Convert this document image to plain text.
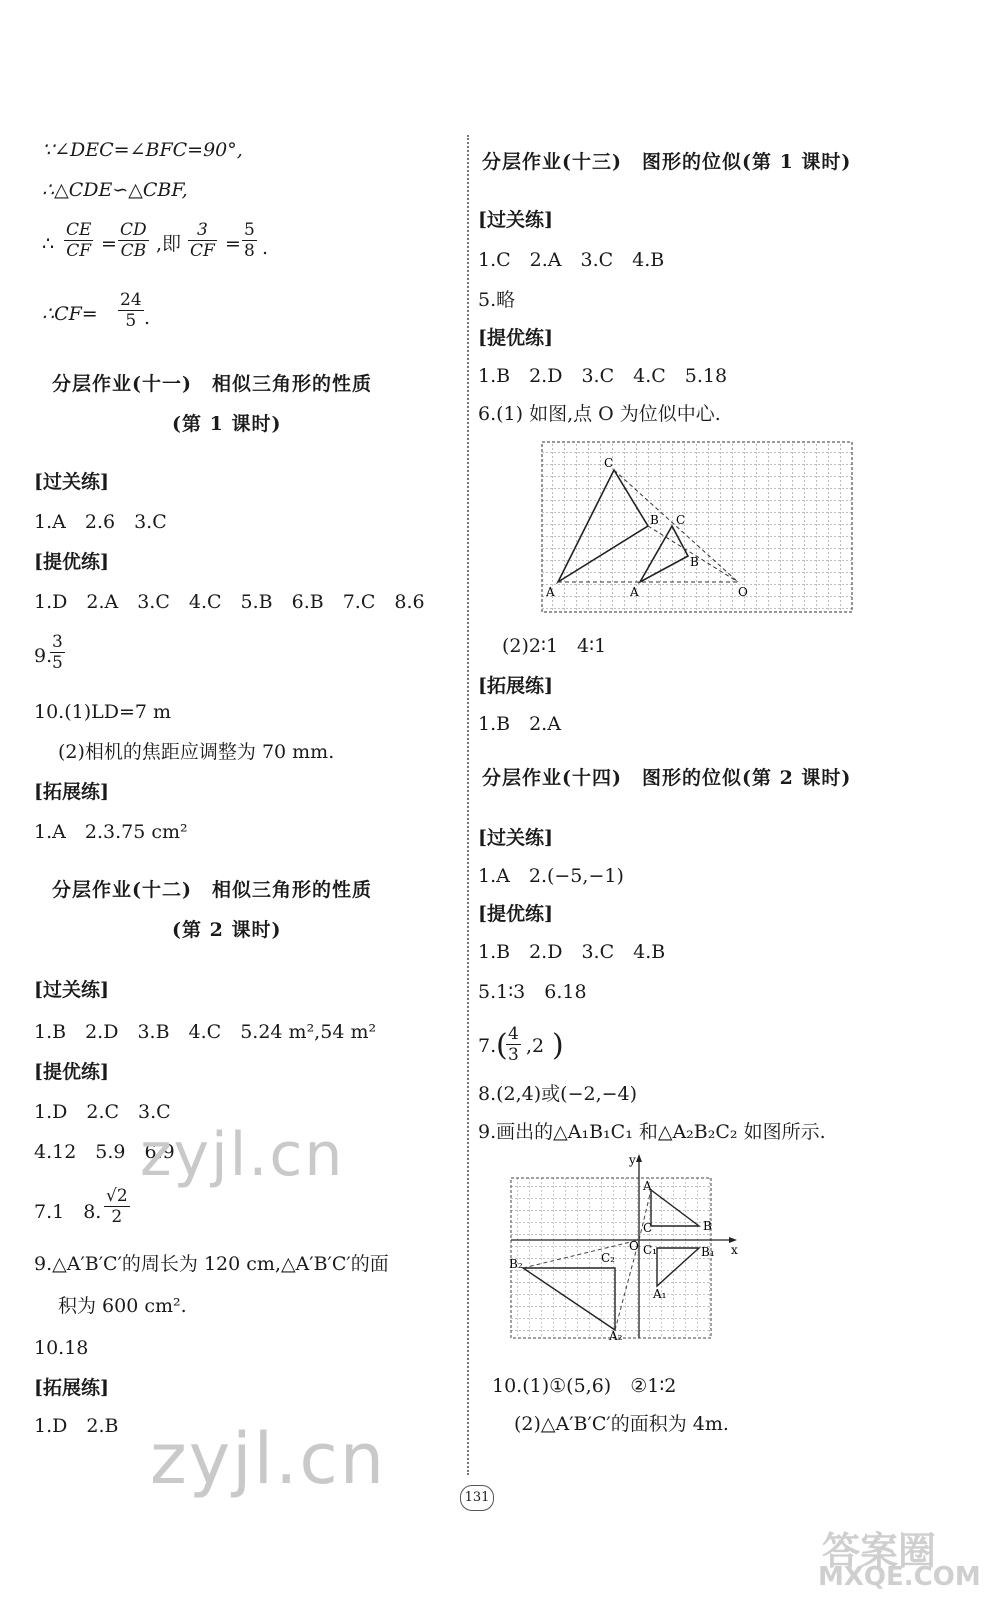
∵∠DEC=∠BFC=90°,
∴△CDE∽△CBF,
∴ $\frac{CE}{CF} = \frac{CD}{CB}$ ,即 $\frac{3}{CF} = \frac{5}{8}$ .
∴CF= $\frac{24}{5}$ .
分层作业(十一)　相似三角形的性质
(第 1 课时)
[过关练]
1.A　2.6　3.C
[提优练]
1.D　2.A　3.C　4.C　5.B　6.B　7.C　8.6
9.
$\frac{3}{5}$
10.(1)LD=7 m
(2)相机的焦距应调整为 70 mm.
[拓展练]
1.A　2.3.75 cm²
分层作业(十二)　相似三角形的性质
(第 2 课时)
[过关练]
1.B　2.D　3.B　4.C　5.24 m²,54 m²
[提优练]
1.D　2.C　3.C
4.12　5.9　6.9
7.1　8. $\frac{√2}{2}$
9.△A′B′C′的周长为 120 cm,△A′B′C′的面
积为 600 cm².
10.18
[拓展练]
1.D　2.B
分层作业(十三)　图形的位似(第 1 课时)
[过关练]
1.C　2.A　3.C　4.B
5.略
[提优练]
1.B　2.D　3.C　4.C　5.18
6.(1) 如图,点 O 为位似中心.
C
B C
B
A	A	O
(2)2∶1　4∶1
[拓展练]
1.B　2.A
分层作业(十四)　图形的位似(第 2 课时)
[过关练]
1.A　2.(−5,−1)
[提优练]
1.B　2.D　3.C　4.B
5.1∶3　6.18
7. (
$\frac{4}{3} ,2$ )
8.(2,4)或(−2,−4)
9.画出的△A₁B₁C₁ 和△A₂B₂C₂ 如图所示.
y
x
A
C	B
O C₁	B₁
A₁
B₂	C₂
A₂
10.(1)①(5,6)　②1∶2
(2)△A′B′C′的面积为 4m.
131
zyjl.cn
zyjl.cn
答案圈
MXQE.COM
